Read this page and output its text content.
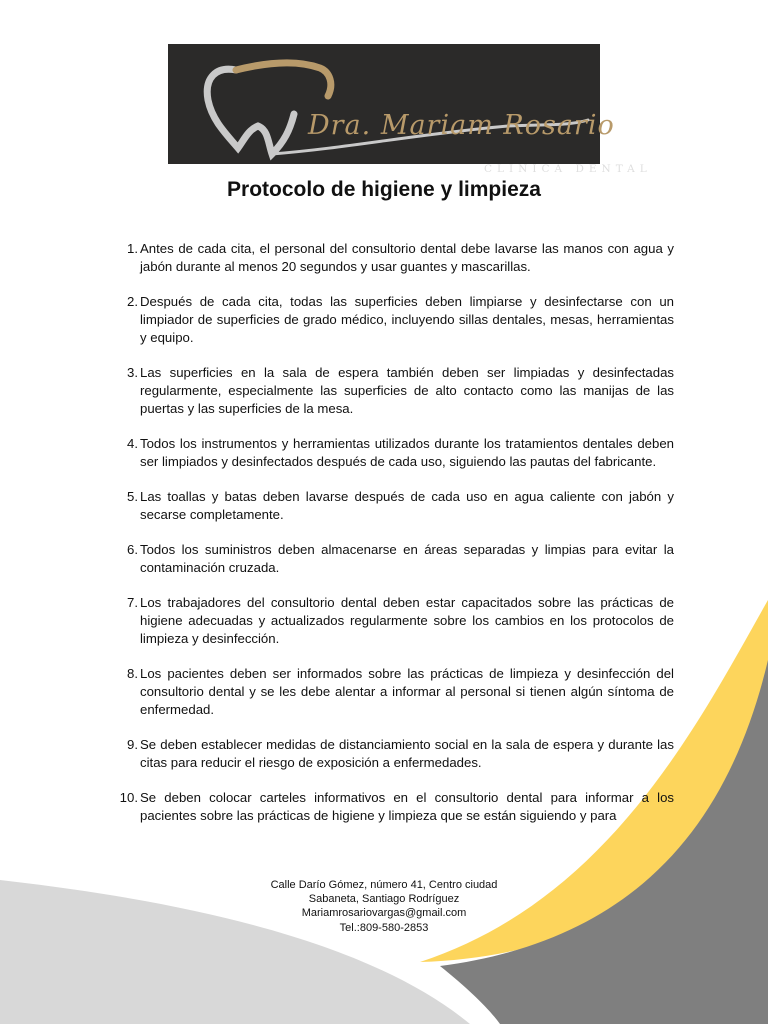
Dra. Mariam Rosario
CLINICA DENTAL
Protocolo de higiene y limpieza
1. Antes de cada cita, el personal del consultorio dental debe lavarse las manos con agua y jabón durante al menos 20 segundos y usar guantes y mascarillas.
2. Después de cada cita, todas las superficies deben limpiarse y desinfectarse con un limpiador de superficies de grado médico, incluyendo sillas dentales, mesas, herramientas y equipo.
3. Las superficies en la sala de espera también deben ser limpiadas y desinfectadas regularmente, especialmente las superficies de alto contacto como las manijas de las puertas y las superficies de la mesa.
4. Todos los instrumentos y herramientas utilizados durante los tratamientos dentales deben ser limpiados y desinfectados después de cada uso, siguiendo las pautas del fabricante.
5. Las toallas y batas deben lavarse después de cada uso en agua caliente con jabón y secarse completamente.
6. Todos los suministros deben almacenarse en áreas separadas y limpias para evitar la contaminación cruzada.
7. Los trabajadores del consultorio dental deben estar capacitados sobre las prácticas de higiene adecuadas y actualizados regularmente sobre los cambios en los protocolos de limpieza y desinfección.
8. Los pacientes deben ser informados sobre las prácticas de limpieza y desinfección del consultorio dental y se les debe alentar a informar al personal si tienen algún síntoma de enfermedad.
9. Se deben establecer medidas de distanciamiento social en la sala de espera y durante las citas para reducir el riesgo de exposición a enfermedades.
10. Se deben colocar carteles informativos en el consultorio dental para informar a los pacientes sobre las prácticas de higiene y limpieza que se están siguiendo y para
Calle Darío Gómez, número 41, Centro ciudad
Sabaneta, Santiago Rodríguez
Mariamrosariovargas@gmail.com
Tel.:809-580-2853
